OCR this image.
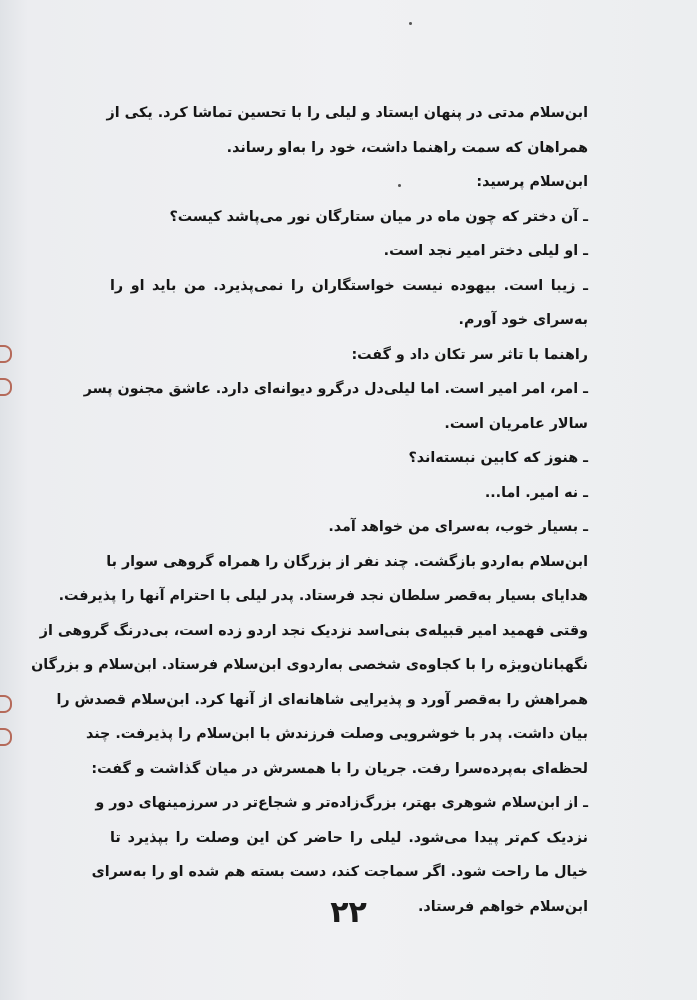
ابن‌سلام مدتی در پنهان ایستاد و لیلی را با تحسین تماشا کرد. یکی از
همراهان که سمت راهنما داشت، خود را به‌او رساند.
ابن‌سلام پرسید:
ـ آن دختر که چون ماه در میان ستارگان نور می‌پاشد کیست؟
ـ او لیلی دختر امیر نجد است.
ـ زیبا است. بیهوده نیست خواستگاران را نمی‌پذیرد. من باید او را
به‌سرای خود آورم.
راهنما با تاثر سر تکان داد و گفت:
ـ امر، امر امیر است. اما لیلی‌دل درگرو دیوانه‌ای دارد. عاشق مجنون پسر
سالار عامریان است.
ـ هنوز که کابین نبسته‌اند؟
ـ نه امیر. اما...
ـ بسیار خوب، به‌سرای من خواهد آمد.
ابن‌سلام به‌اردو بازگشت. چند نفر از بزرگان را همراه گروهی سوار با
هدایای بسیار به‌قصر سلطان نجد فرستاد. پدر لیلی با احترام آنها را پذیرفت.
وقتی فهمید امیر قبیله‌ی بنی‌اسد نزدیک نجد اردو زده است، بی‌درنگ گروهی از
نگهبانان‌ویژه را با کجاوه‌ی شخصی به‌اردوی ابن‌سلام فرستاد. ابن‌سلام و بزرگان
همراهش را به‌قصر آورد و پذیرایی شاهانه‌ای از آنها کرد. ابن‌سلام قصدش را
بیان داشت. پدر با خوشرویی وصلت فرزندش با ابن‌سلام را پذیرفت. چند
لحظه‌ای به‌پرده‌سرا رفت. جریان را با همسرش در میان گذاشت و گفت:
ـ از ابن‌سلام شوهری بهتر، بزرگ‌زاده‌تر و شجاع‌تر در سرزمینهای دور و
نزدیک کم‌تر پیدا می‌شود. لیلی را حاضر کن این وصلت را بپذیرد تا
خیال ما راحت شود. اگر سماجت کند، دست بسته هم شده او را به‌سرای
ابن‌سلام خواهم فرستاد.
۲۲
